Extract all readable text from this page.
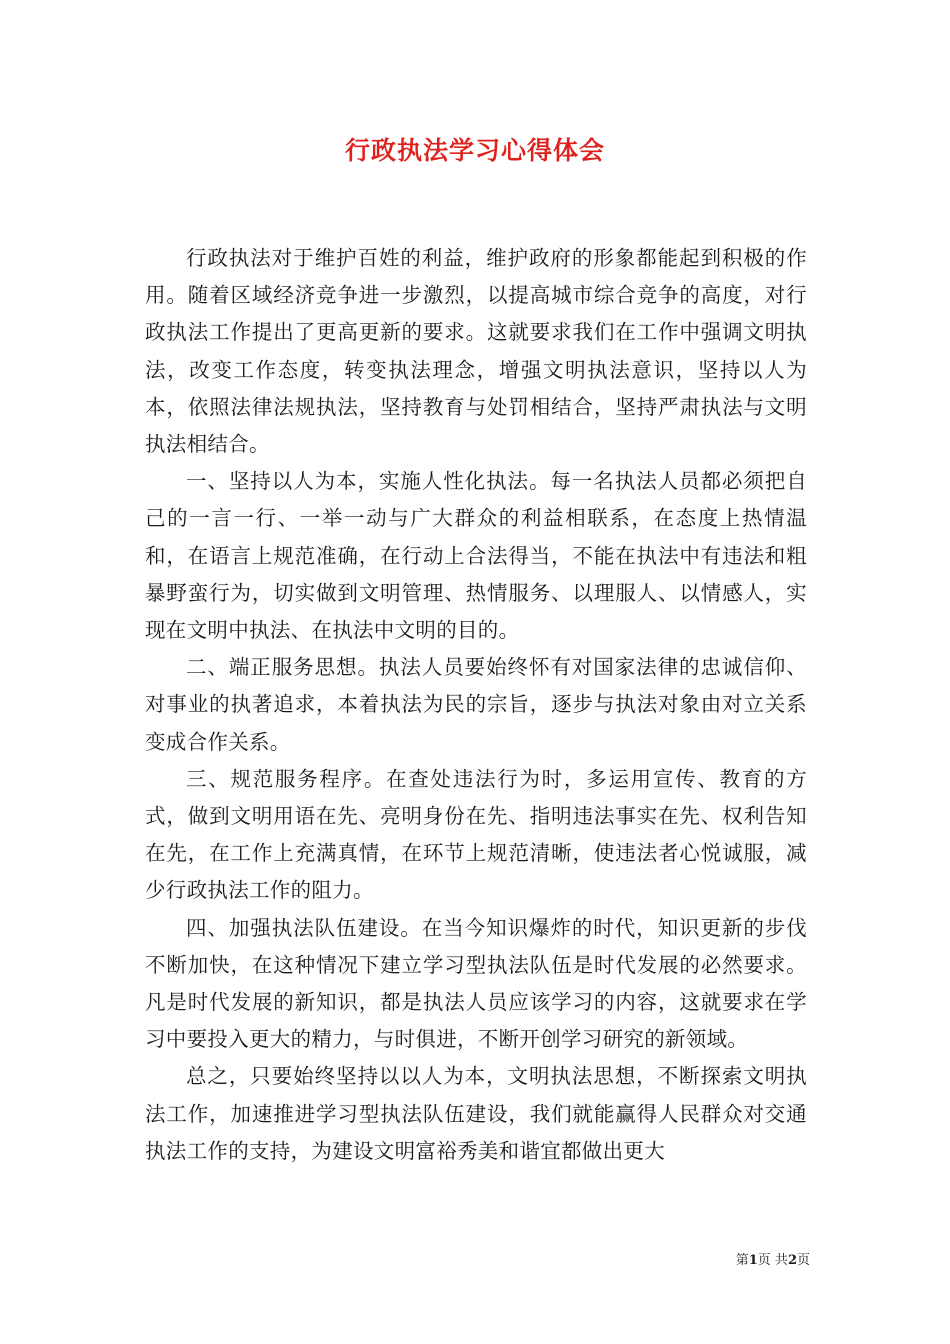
行政执法学习心得体会

行政执法对于维护百姓的利益，维护政府的形象都能起到积极的作用。随着区域经济竞争进一步激烈，以提高城市综合竞争的高度，对行政执法工作提出了更高更新的要求。这就要求我们在工作中强调文明执法，改变工作态度，转变执法理念，增强文明执法意识，坚持以人为本，依照法律法规执法，坚持教育与处罚相结合，坚持严肃执法与文明执法相结合。

一、坚持以人为本，实施人性化执法。每一名执法人员都必须把自己的一言一行、一举一动与广大群众的利益相联系，在态度上热情温和，在语言上规范准确，在行动上合法得当，不能在执法中有违法和粗暴野蛮行为，切实做到文明管理、热情服务、以理服人、以情感人，实现在文明中执法、在执法中文明的目的。

二、端正服务思想。执法人员要始终怀有对国家法律的忠诚信仰、对事业的执著追求，本着执法为民的宗旨，逐步与执法对象由对立关系变成合作关系。

三、规范服务程序。在查处违法行为时，多运用宣传、教育的方式，做到文明用语在先、亮明身份在先、指明违法事实在先、权利告知在先，在工作上充满真情，在环节上规范清晰，使违法者心悦诚服，减少行政执法工作的阻力。

四、加强执法队伍建设。在当今知识爆炸的时代，知识更新的步伐不断加快，在这种情况下建立学习型执法队伍是时代发展的必然要求。凡是时代发展的新知识，都是执法人员应该学习的内容，这就要求在学习中要投入更大的精力，与时俱进，不断开创学习研究的新领域。

总之，只要始终坚持以以人为本，文明执法思想，不断探索文明执法工作，加速推进学习型执法队伍建设，我们就能赢得人民群众对交通执法工作的支持，为建设文明富裕秀美和谐宜都做出更大

第1页 共2页
